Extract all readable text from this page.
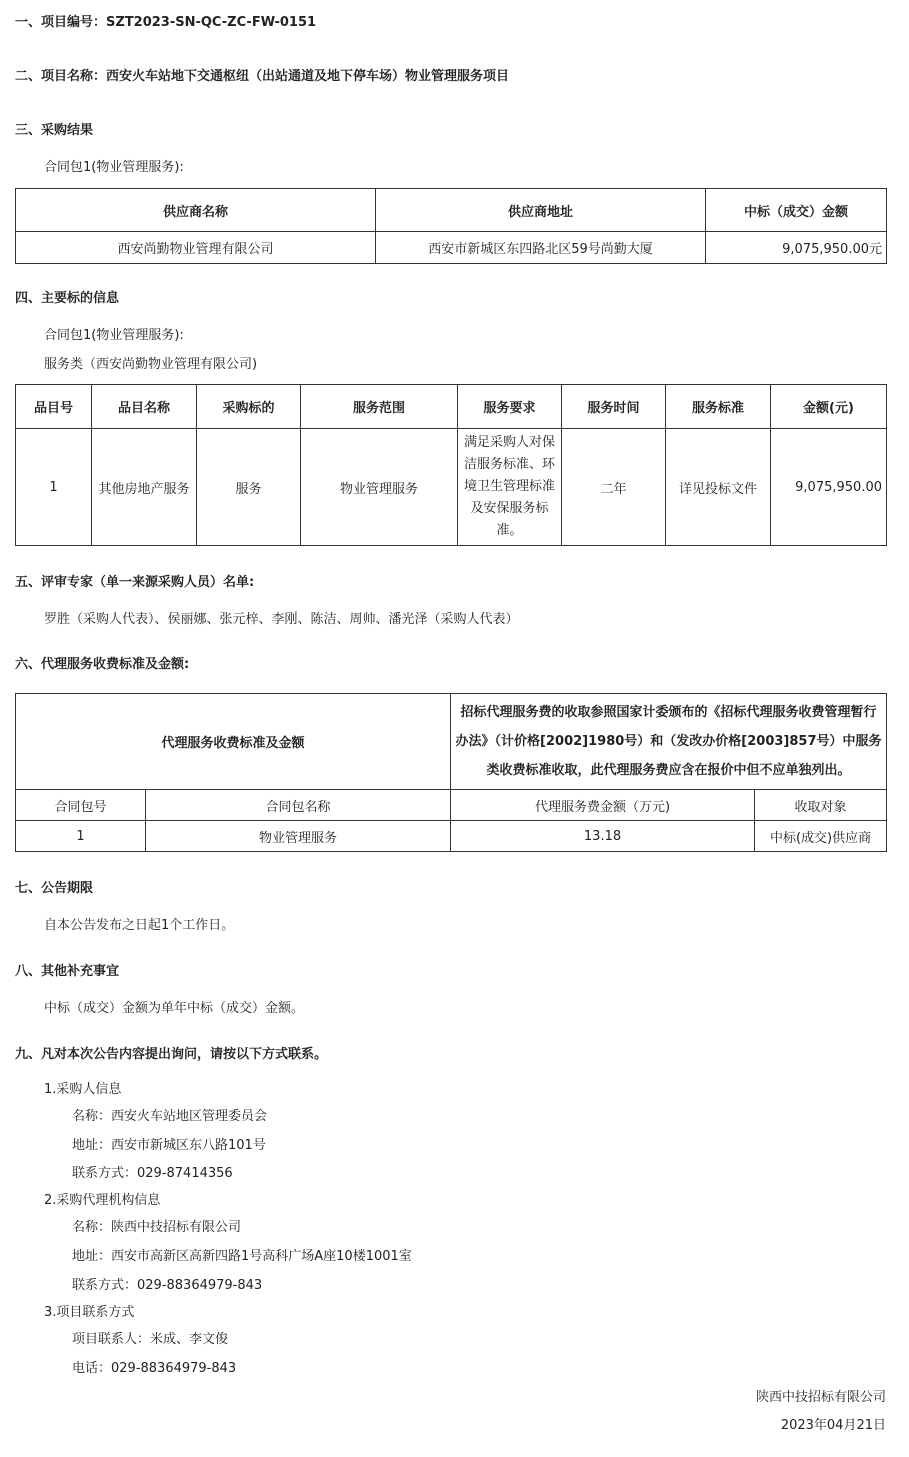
一、项目编号：SZT2023-SN-QC-ZC-FW-0151
二、项目名称：西安火车站地下交通枢纽（出站通道及地下停车场）物业管理服务项目
三、采购结果
合同包1(物业管理服务):
供应商名称	供应商地址	中标（成交）金额
西安尚勤物业管理有限公司	西安市新城区东四路北区59号尚勤大厦	9,075,950.00元
四、主要标的信息
合同包1(物业管理服务):
服务类（西安尚勤物业管理有限公司)
品目号	品目名称	采购标的	服务范围	服务要求	服务时间	服务标准	金额(元)
1	其他房地产服务	服务	物业管理服务	满足采购人对保洁服务标准、环境卫生管理标准及安保服务标准。	二年	详见投标文件	9,075,950.00
五、评审专家（单一来源采购人员）名单:
罗胜（采购人代表）、侯丽娜、张元梓、李刚、陈洁、周帅、潘光泽（采购人代表）
六、代理服务收费标准及金额:
代理服务收费标准及金额		招标代理服务费的收取参照国家计委颁布的《招标代理服务收费管理暂行办法》（计价格[2002]1980号）和（发改办价格[2003]857号）中服务类收费标准收取，此代理服务费应含在报价中但不应单独列出。	
合同包号	合同包名称	代理服务费金额（万元)	收取对象
1	物业管理服务	13.18	中标(成交)供应商
七、公告期限
自本公告发布之日起1个工作日。
八、其他补充事宜
中标（成交）金额为单年中标（成交）金额。
九、凡对本次公告内容提出询问，请按以下方式联系。
1.采购人信息
名称：西安火车站地区管理委员会
地址：西安市新城区东八路101号
联系方式：029-87414356
2.采购代理机构信息
名称：陕西中技招标有限公司
地址：西安市高新区高新四路1号高科广场A座10楼1001室
联系方式：029-88364979-843
3.项目联系方式
项目联系人：米成、李文俊
电话：029-88364979-843
陕西中技招标有限公司
2023年04月21日
